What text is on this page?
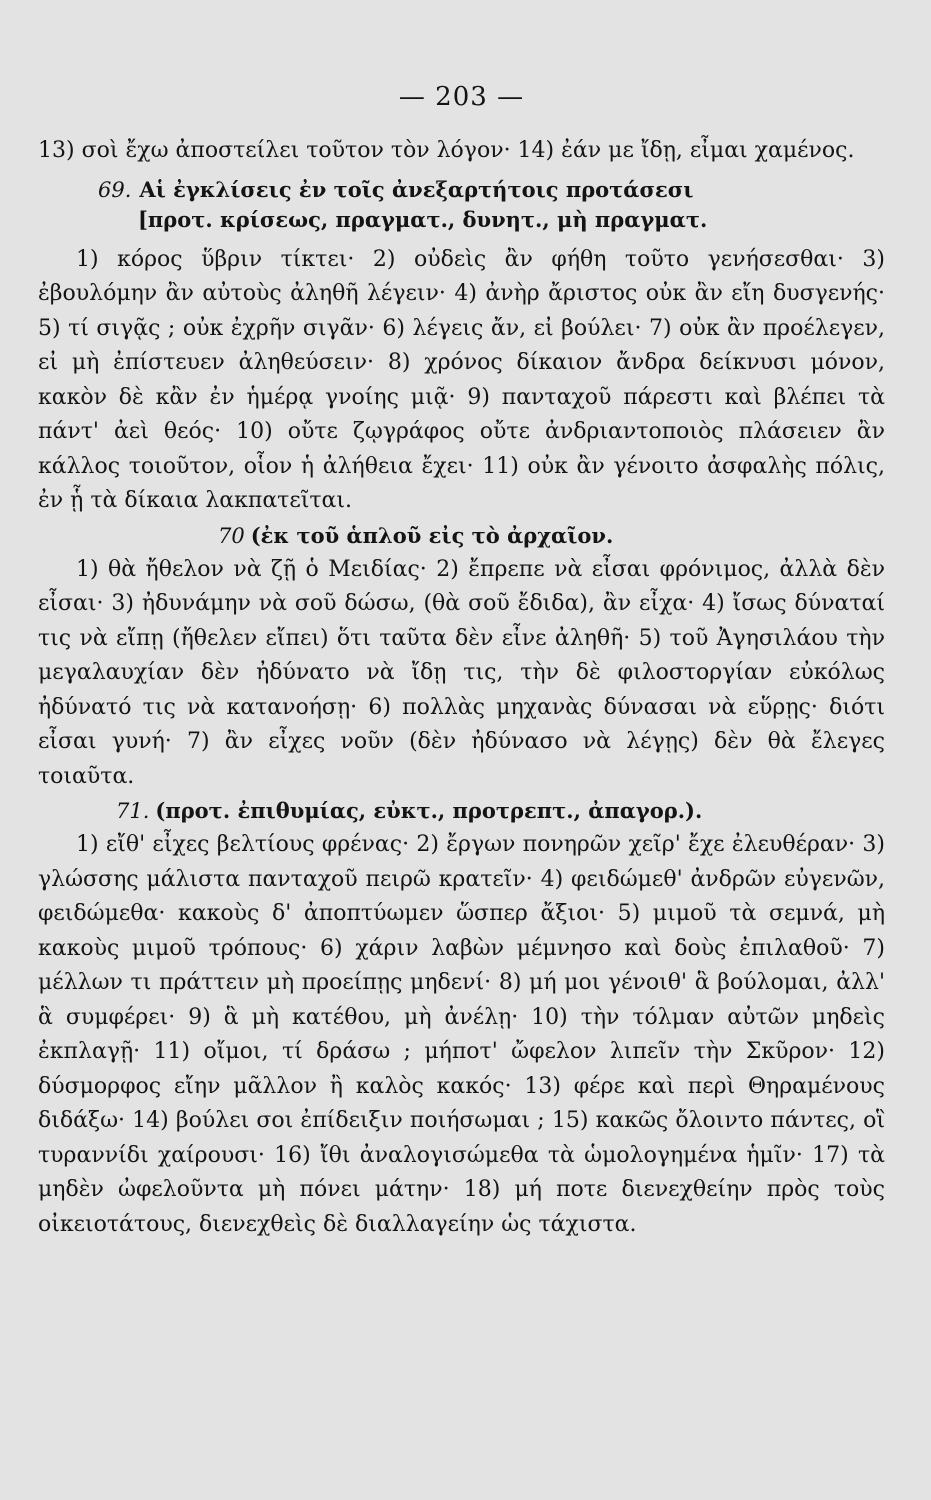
— 203 —

13) σοὶ ἔχω ἀποστείλει τοῦτον τὸν λόγον· 14) ἐάν με ἴδῃ, εἶμαι χαμένος.

69. Αἱ ἐγκλίσεις ἐν τοῖς ἀνεξαρτήτοις προτάσεσι

[προτ. κρίσεως, πραγματ., δυνητ., μὴ πραγματ.

1) κόρος ὕβριν τίκτει· 2) οὐδεὶς ἂν φήθη τοῦτο γενήσεσθαι· 3) ἐβουλόμην ἂν αὐτοὺς ἀληθῆ λέγειν· 4) ἀνὴρ ἄριστος οὐκ ἂν εἴη δυσγενής· 5) τί σιγᾷς ; οὐκ ἐχρῆν σιγᾶν· 6) λέγεις ἄν, εἰ βούλει· 7) οὐκ ἂν προέλεγεν, εἰ μὴ ἐπίστευεν ἀληθεύσειν· 8) χρόνος δίκαιον ἄνδρα δείκνυσι μόνον, κακὸν δὲ κἂν ἐν ἡμέρᾳ γνοίης μιᾷ· 9) πανταχοῦ πάρεστι καὶ βλέπει τὰ πάντ' ἀεὶ θεός· 10) οὔτε ζῳγράφος οὔτε ἀνδριαντοποιὸς πλάσειεν ἂν κάλλος τοιοῦτον, οἷον ἡ ἀλήθεια ἔχει· 11) οὐκ ἂν γένοιτο ἀσφαλὴς πόλις, ἐν ᾗ τὰ δίκαια λακπατεῖται.

70 (ἐκ τοῦ ἁπλοῦ εἰς τὸ ἀρχαῖον.

1) θὰ ἤθελον νὰ ζῇ ὁ Μειδίας· 2) ἔπρεπε νὰ εἶσαι φρόνιμος, ἀλλὰ δὲν εἶσαι· 3) ἠδυνάμην νὰ σοῦ δώσω, (θὰ σοῦ ἔδιδα), ἂν εἶχα· 4) ἴσως δύναταί τις νὰ εἴπῃ (ἤθελεν εἴπει) ὅτι ταῦτα δὲν εἶνε ἀληθῆ· 5) τοῦ Ἀγησιλάου τὴν μεγαλαυχίαν δὲν ἠδύνατο νὰ ἴδῃ τις, τὴν δὲ φιλοστοργίαν εὐκόλως ἠδύνατό τις νὰ κατανοήσῃ· 6) πολλὰς μηχανὰς δύνασαι νὰ εὕρῃς· διότι εἶσαι γυνή· 7) ἂν εἶχες νοῦν (δὲν ἠδύνασο νὰ λέγῃς) δὲν θὰ ἔλεγες τοιαῦτα.

71. (προτ. ἐπιθυμίας, εὐκτ., προτρεπτ., ἀπαγορ.).

1) εἴθ' εἶχες βελτίους φρένας· 2) ἔργων πονηρῶν χεῖρ' ἔχε ἐλευθέραν· 3) γλώσσης μάλιστα πανταχοῦ πειρῶ κρατεῖν· 4) φειδώμεθ' ἀνδρῶν εὐγενῶν, φειδώμεθα· κακοὺς δ' ἀποπτύωμεν ὥσπερ ἄξιοι· 5) μιμοῦ τὰ σεμνά, μὴ κακοὺς μιμοῦ τρόπους· 6) χάριν λαβὼν μέμνησο καὶ δοὺς ἐπιλαθοῦ· 7) μέλλων τι πράττειν μὴ προείπῃς μηδενί· 8) μή μοι γένοιθ' ἃ βούλομαι, ἀλλ' ἃ συμφέρει· 9) ἃ μὴ κατέθου, μὴ ἀνέλῃ· 10) τὴν τόλμαν αὐτῶν μηδεὶς ἐκπλαγῇ· 11) οἴμοι, τί δράσω ; μήποτ' ὤφελον λιπεῖν τὴν Σκῦρον· 12) δύσμορφος εἴην μᾶλλον ἢ καλὸς κακός· 13) φέρε καὶ περὶ Θηραμένους διδάξω· 14) βούλει σοι ἐπίδειξιν ποιήσωμαι ; 15) κακῶς ὄλοιντο πάντες, οἳ τυραννίδι χαίρουσι· 16) ἴθι ἀναλογισώμεθα τὰ ὡμολογημένα ἡμῖν· 17) τὰ μηδὲν ὠφελοῦντα μὴ πόνει μάτην· 18) μή ποτε διενεχθείην πρὸς τοὺς οἰκειοτάτους, διενεχθεὶς δὲ διαλλαγείην ὡς τάχιστα.
